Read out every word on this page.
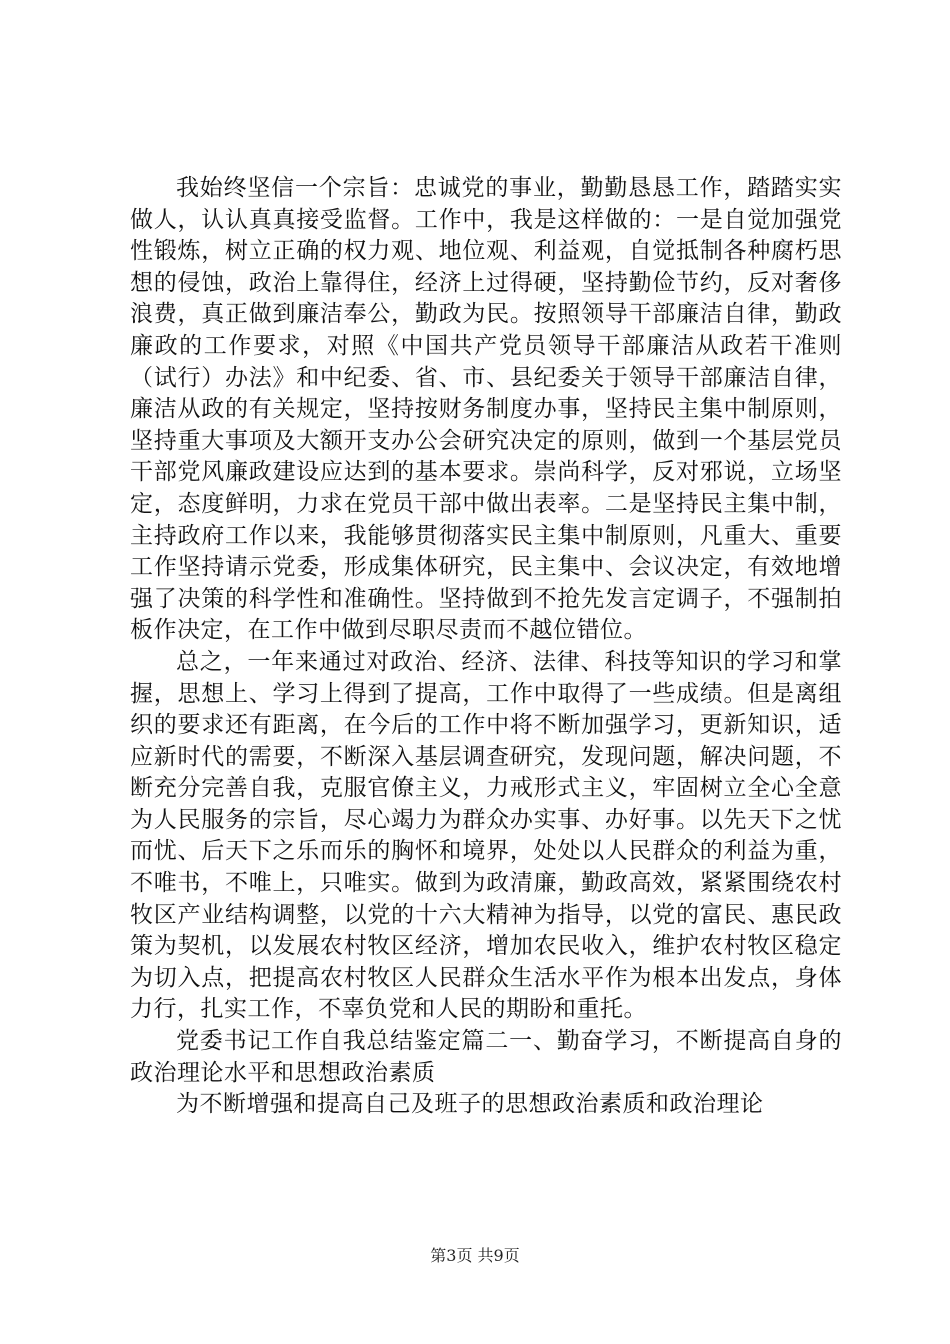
我始终坚信一个宗旨：忠诚党的事业，勤勤恳恳工作，踏踏实实做人，认认真真接受监督。工作中，我是这样做的：一是自觉加强党性锻炼，树立正确的权力观、地位观、利益观，自觉抵制各种腐朽思想的侵蚀，政治上靠得住，经济上过得硬，坚持勤俭节约，反对奢侈浪费，真正做到廉洁奉公，勤政为民。按照领导干部廉洁自律，勤政廉政的工作要求，对照《中国共产党员领导干部廉洁从政若干准则（试行）办法》和中纪委、省、市、县纪委关于领导干部廉洁自律，廉洁从政的有关规定，坚持按财务制度办事，坚持民主集中制原则，坚持重大事项及大额开支办公会研究决定的原则，做到一个基层党员干部党风廉政建设应达到的基本要求。崇尚科学，反对邪说，立场坚定，态度鲜明，力求在党员干部中做出表率。二是坚持民主集中制，主持政府工作以来，我能够贯彻落实民主集中制原则，凡重大、重要工作坚持请示党委，形成集体研究，民主集中、会议决定，有效地增强了决策的科学性和准确性。坚持做到不抢先发言定调子，不强制拍板作决定，在工作中做到尽职尽责而不越位错位。

总之，一年来通过对政治、经济、法律、科技等知识的学习和掌握，思想上、学习上得到了提高，工作中取得了一些成绩。但是离组织的要求还有距离，在今后的工作中将不断加强学习，更新知识，适应新时代的需要，不断深入基层调查研究，发现问题，解决问题，不断充分完善自我，克服官僚主义，力戒形式主义，牢固树立全心全意为人民服务的宗旨，尽心竭力为群众办实事、办好事。以先天下之忧而忧、后天下之乐而乐的胸怀和境界，处处以人民群众的利益为重，不唯书，不唯上，只唯实。做到为政清廉，勤政高效，紧紧围绕农村牧区产业结构调整，以党的十六大精神为指导，以党的富民、惠民政策为契机，以发展农村牧区经济，增加农民收入，维护农村牧区稳定为切入点，把提高农村牧区人民群众生活水平作为根本出发点，身体力行，扎实工作，不辜负党和人民的期盼和重托。

党委书记工作自我总结鉴定篇二一、勤奋学习，不断提高自身的政治理论水平和思想政治素质

为不断增强和提高自己及班子的思想政治素质和政治理论

第3页 共9页
